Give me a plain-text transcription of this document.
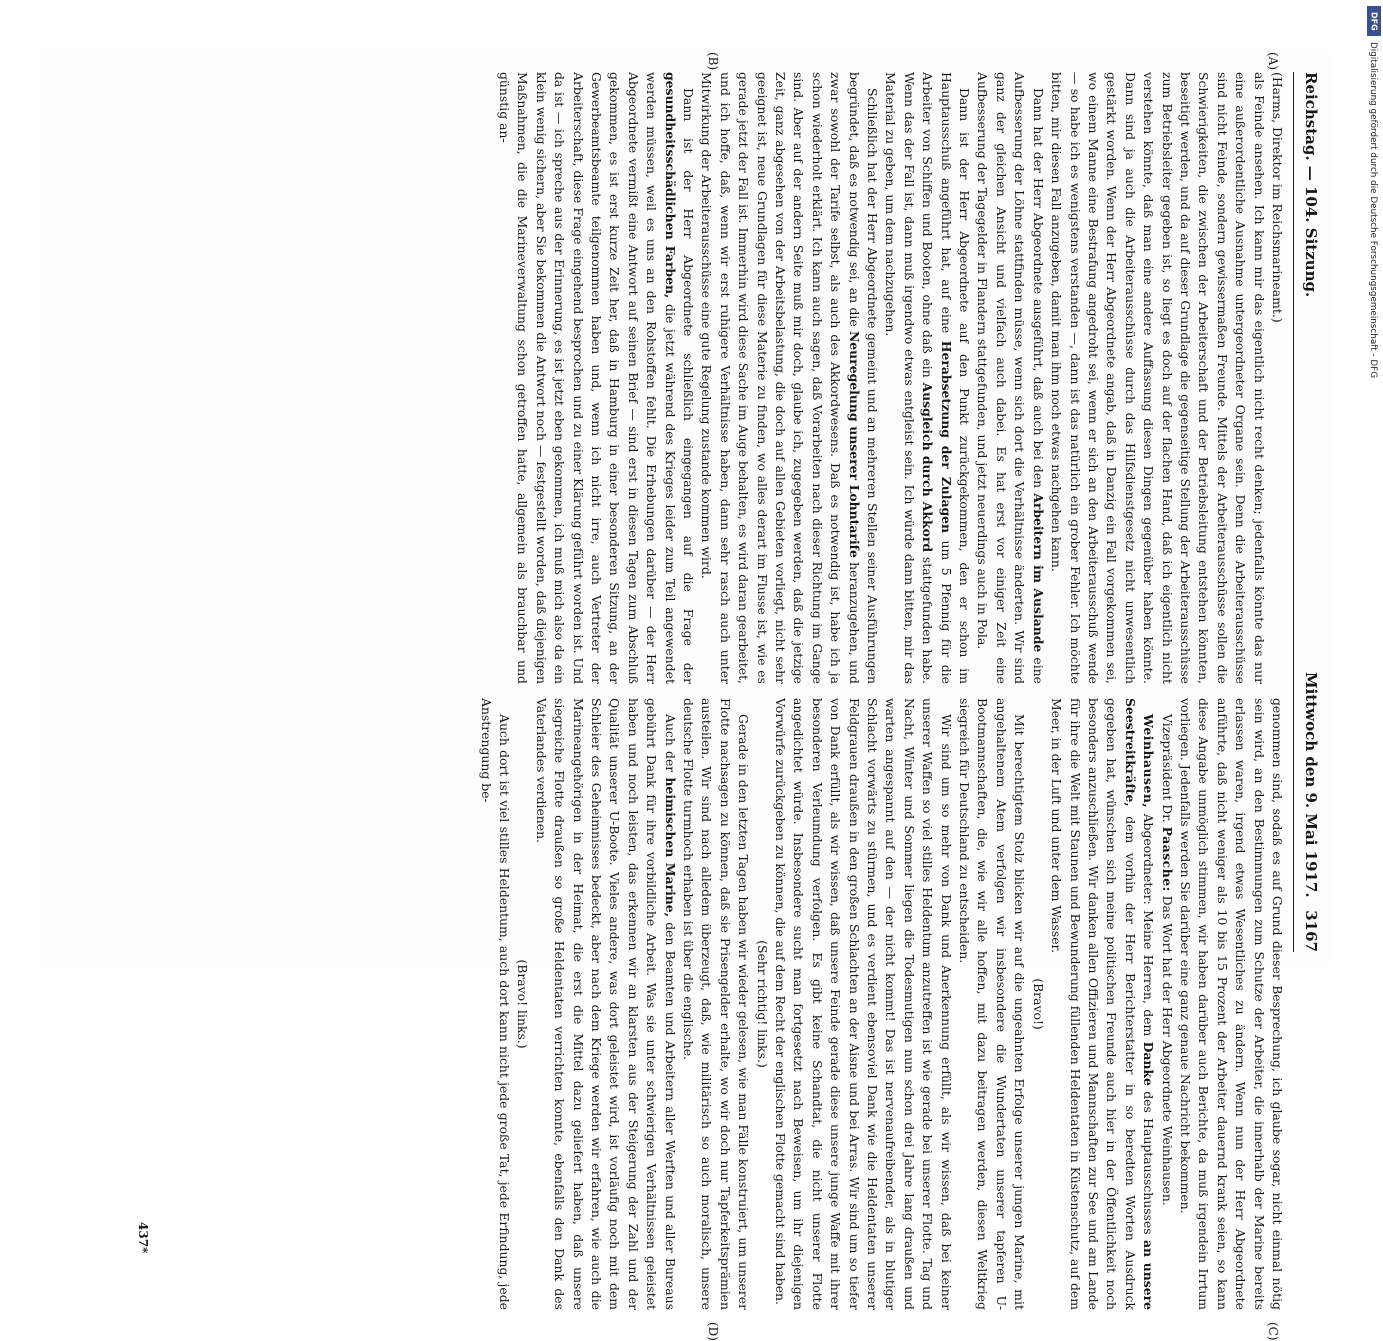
Reichstag. — 104. Sitzung.
Mittwoch den 9. Mai 1917.
3167
(A)
(B)
(C)
(D)

(Harms, Direktor im Reichsmarineamt.)

als Feinde ansehen. Ich kann mir das eigentlich nicht recht denken; jedenfalls könnte das nur eine außerordentliche Ausnahme untergeordneter Organe sein. Denn die Arbeiterausschüsse sind nicht Feinde, sondern gewissermaßen Freunde. Mittels der Arbeiterausschüsse sollen die Schwierigkeiten, die zwischen der Arbeiterschaft und der Betriebsleitung entstehen könnten, beseitigt werden, und da auf dieser Grundlage die gegenseitige Stellung der Arbeiterausschüsse zum Betriebsleiter gegeben ist, so liegt es doch auf der flachen Hand, daß ich eigentlich nicht verstehen könnte, daß man eine andere Auffassung diesen Dingen gegenüber haben könnte. Dann sind ja auch die Arbeiterausschüsse durch das Hilfsdienstgesetz nicht unwesentlich gestärkt worden. Wenn der Herr Abgeordnete angab, daß in Danzig ein Fall vorgekommen sei, wo einem Manne eine Bestrafung angedroht sei, wenn er sich an den Arbeiterausschuß wende — so habe ich es wenigstens verstanden —, dann ist das natürlich ein grober Fehler. Ich möchte bitten, mir diesen Fall anzugeben, damit man ihm noch etwas nachgehen kann.

Dann hat der Herr Abgeordnete ausgeführt, daß auch bei den Arbeitern im Auslande eine Aufbesserung der Löhne stattfinden müsse, wenn sich dort die Verhältnisse änderten. Wir sind ganz der gleichen Ansicht und vielfach auch dabei. Es hat erst vor einiger Zeit eine Aufbesserung der Tagegelder in Flandern stattgefunden, und jetzt neuerdings auch in Pola.

Dann ist der Herr Abgeordnete auf den Punkt zurückgekommen, den er schon im Hauptausschuß angeführt hat, auf eine Herabsetzung der Zulagen um 5 Pfennig für die Arbeiter von Schiffen und Booten, ohne daß ein Ausgleich durch Akkord stattgefunden habe. Wenn das der Fall ist, dann muß irgendwo etwas entgleist sein. Ich würde dann bitten, mir das Material zu geben, um dem nachzugehen.

Schließlich hat der Herr Abgeordnete gemeint und an mehreren Stellen seiner Ausführungen begründet, daß es notwendig sei, an die Neuregelung unserer Lohntarife heranzugehen, und zwar sowohl der Tarife selbst, als auch des Akkordwesens. Daß es notwendig ist, habe ich ja schon wiederholt erklärt. Ich kann auch sagen, daß Vorarbeiten nach dieser Richtung im Gange sind. Aber auf der andern Seite muß mir doch, glaube ich, zugegeben werden, daß die jetzige Zeit, ganz abgesehen von der Arbeitsbelastung, die doch auf allen Gebieten vorliegt, nicht sehr geeignet ist, neue Grundlagen für diese Materie zu finden, wo alles derart im Flusse ist, wie es gerade jetzt der Fall ist. Immerhin wird diese Sache im Auge behalten, es wird daran gearbeitet, und ich hoffe, daß, wenn wir erst ruhigere Verhältnisse haben, dann sehr rasch auch unter Mitwirkung der Arbeiterausschüsse eine gute Regelung zustande kommen wird.

Dann ist der Herr Abgeordnete schließlich eingegangen auf die Frage der gesundheitsschädlichen Farben, die jetzt während des Krieges leider zum Teil angewendet werden müssen, weil es uns an den Rohstoffen fehlt. Die Erhebungen darüber — der Herr Abgeordnete vermißt eine Antwort auf seinen Brief — sind erst in diesen Tagen zum Abschluß gekommen, es ist erst kurze Zeit her, daß in Hamburg in einer besonderen Sitzung, an der Gewerbeamtsbeamte teilgenommen haben und, wenn ich nicht irre, auch Vertreter der Arbeiterschaft, diese Frage eingehend besprochen und zu einer Klärung geführt worden ist. Und da ist — ich spreche aus der Erinnerung, es ist jetzt eben gekommen, ich muß mich also da ein klein wenig sichern, aber Sie bekommen die Antwort noch — festgestellt worden, daß diejenigen Maßnahmen, die die Marineverwaltung schon getroffen hatte, allgemein als brauchbar und günstig an-

genommen sind, sodaß es auf Grund dieser Besprechung, ich glaube sogar, nicht einmal nötig sein wird, an den Bestimmungen zum Schutze der Arbeiter, die innerhalb der Marine bereits erlassen waren, irgend etwas Wesentliches zu ändern. Wenn nun der Herr Abgeordnete anführte, daß nicht weniger als 10 bis 15 Prozent der Arbeiter dauernd krank seien, so kann diese Angabe unmöglich stimmen, wir haben darüber auch Berichte, da muß irgendein Irrtum vorliegen. Jedenfalls werden Sie darüber eine ganz genaue Nachricht bekommen.

Vizepräsident Dr. Paasche: Das Wort hat der Herr Abgeordnete Weinhausen.

Weinhausen, Abgeordneter: Meine Herren, dem Danke des Hauptausschusses an unsere Seestreitkräfte, dem vorhin der Herr Berichterstatter in so beredten Worten Ausdruck gegeben hat, wünschen sich meine politischen Freunde auch hier in der Öffentlichkeit noch besonders anzuschließen. Wir danken allen Offizieren und Mannschaften zur See und am Lande für ihre die Welt mit Staunen und Bewunderung füllenden Heldentaten in Küstenschutz, auf dem Meer, in der Luft und unter dem Wasser.

(Bravo!)

Mit berechtigtem Stolz blicken wir auf die ungeahnten Erfolge unserer jungen Marine, mit angehaltenem Atem verfolgen wir insbesondere die Wundertaten unserer tapferen U-Bootmannschaften, die, wie wir alle hoffen, mit dazu beitragen werden, diesen Weltkrieg siegreich für Deutschland zu entscheiden.

Wir sind um so mehr von Dank und Anerkennung erfüllt, als wir wissen, daß bei keiner unserer Waffen so viel stilles Heldentum anzutreffen ist wie gerade bei unserer Flotte. Tag und Nacht, Winter und Sommer liegen die Todesmutigen nun schon drei Jahre lang draußen und warten angespannt auf den — der nicht kommt! Das ist nervenaufreibender, als in blutiger Schlacht vorwärts zu stürmen, und es verdient ebensoviel Dank wie die Heldentaten unserer Feldgrauen draußen in den großen Schlachten an der Aisne und bei Arras. Wir sind um so tiefer von Dank erfüllt, als wir wissen, daß unsere Feinde gerade diese unsere junge Waffe mit ihrer besonderen Verleumdung verfolgen. Es gibt keine Schandtat, die nicht unserer Flotte angedichtet würde. Insbesondere sucht man fortgesetzt nach Beweisen, um ihr diejenigen Vorwürfe zurückgeben zu können, die auf dem Recht der englischen Flotte gemacht sind haben.

(Sehr richtig! links.)

Gerade in den letzten Tagen haben wir wieder gelesen, wie man Fälle konstruiert, um unserer Flotte nachsagen zu können, daß sie Prisengelder erhalte, wo wir doch nur Tapferkeitsprämien austeilen. Wir sind nach alledem überzeugt, daß, wie militärisch so auch moralisch, unsere deutsche Flotte turmhoch erhaben ist über die englische.

Auch der heimischen Marine, den Beamten und Arbeitern aller Werften und aller Bureaus gebührt Dank für ihre vorbildliche Arbeit. Was sie unter schwierigen Verhältnissen geleistet haben und noch leisten, das erkennen wir an klarsten aus der Steigerung der Zahl und der Qualität unserer U-Boote. Vieles andere, was dort geleistet wird, ist vorläufig noch mit dem Schleier des Geheimnisses bedeckt, aber nach dem Kriege werden wir erfahren, wie auch die Marineangehörigen in der Heimat, die erst die Mittel dazu geliefert haben, daß unsere siegreiche Flotte draußen so große Heldentaten verrichten konnte, ebenfalls den Dank des Vaterlandes verdienen.

(Bravo! links.)

Auch dort ist viel stilles Heldentum, auch dort kann nicht jede große Tat, jede Erfindung, jede Anstrengung be-

437*
DFG
Digitalisierung gefördert durch die Deutsche Forschungsgemeinschaft - DFG
